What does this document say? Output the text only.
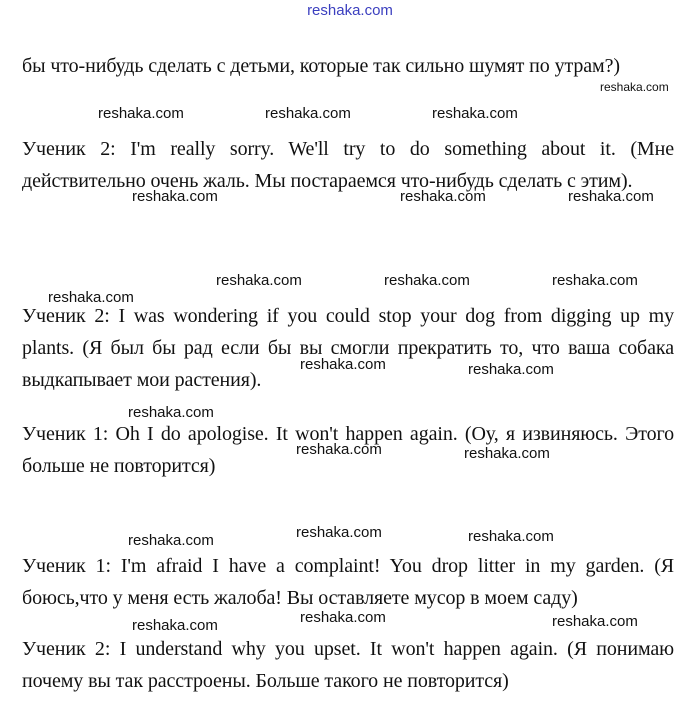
reshaka.com

бы что-нибудь сделать с детьми, которые так сильно шумят по утрам?)

Ученик 2: I'm really sorry. We'll try to do something about it. (Мне действительно очень жаль. Мы постараемся что-нибудь сделать с этим).

Ученик 2: I was wondering if you could stop your dog from digging up my plants. (Я был бы рад если бы вы смогли прекратить то, что ваша собака выдкапывает мои растения).

Ученик 1: Oh I do apologise. It won't happen again. (Оу, я извиняюсь. Этого больше не повторится)

Ученик 1: I'm afraid I have a complaint! You drop litter in my garden. (Я боюсь,что у меня есть жалоба! Вы оставляете мусор в моем саду)

Ученик 2: I understand why you upset. It won't happen again. (Я понимаю почему вы так расстроены. Больше такого не повторится)

reshaka.com
reshaka.com	reshaka.com	reshaka.com
reshaka.com	reshaka.com	reshaka.com
reshaka.com	reshaka.com	reshaka.com
reshaka.com
reshaka.com	reshaka.com
reshaka.com
reshaka.com	reshaka.com
reshaka.com	reshaka.com	reshaka.com
reshaka.com	reshaka.com	reshaka.com
